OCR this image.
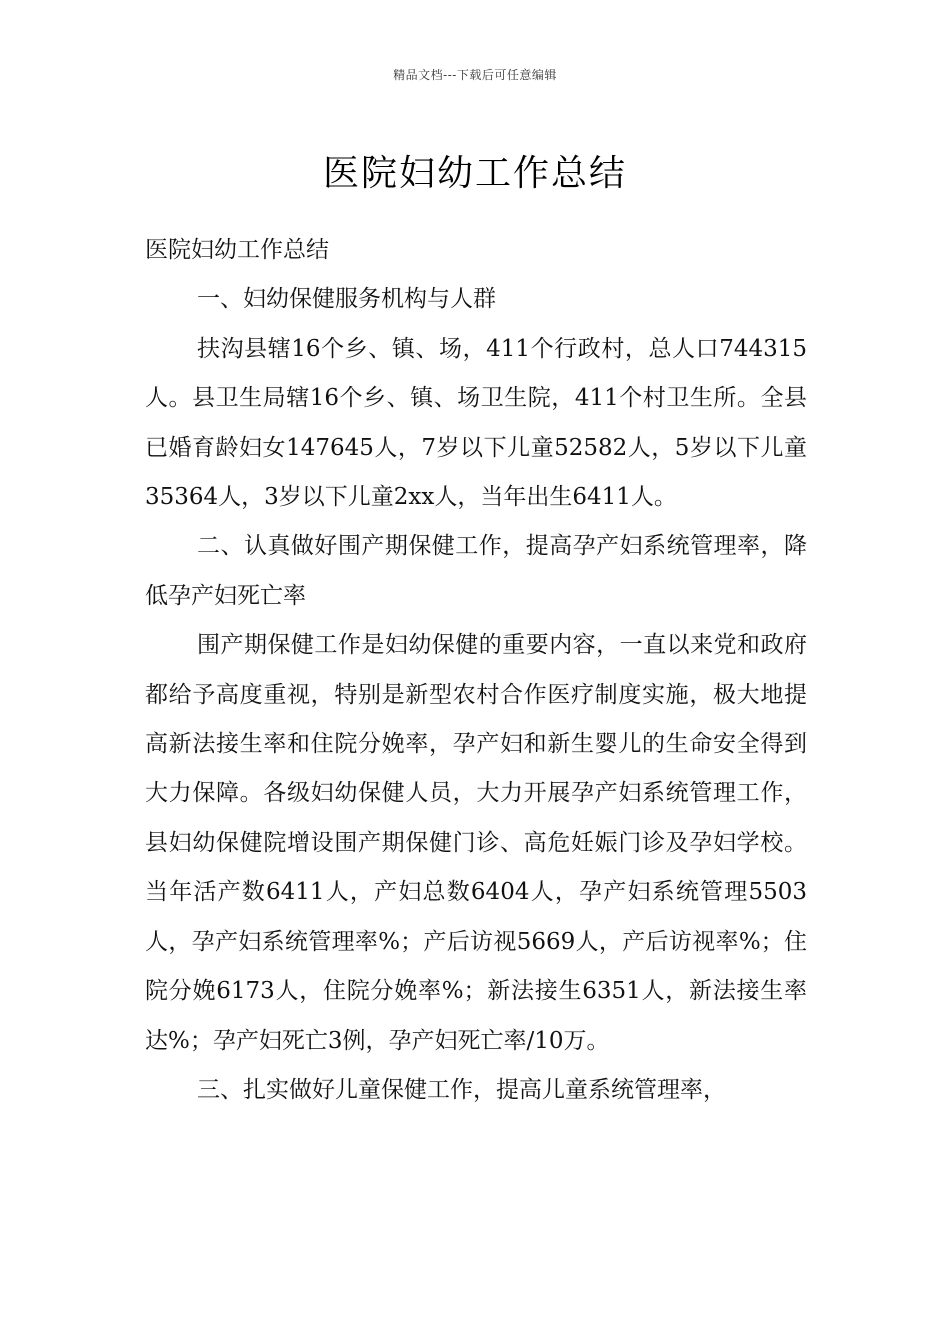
精品文档---下载后可任意编辑
医院妇幼工作总结

医院妇幼工作总结

一、妇幼保健服务机构与人群

扶沟县辖16个乡、镇、场，411个行政村，总人口744315人。县卫生局辖16个乡、镇、场卫生院，411个村卫生所。全县已婚育龄妇女147645人，7岁以下儿童52582人，5岁以下儿童35364人，3岁以下儿童2xx人，当年出生6411人。

二、认真做好围产期保健工作，提高孕产妇系统管理率，降低孕产妇死亡率

围产期保健工作是妇幼保健的重要内容，一直以来党和政府都给予高度重视，特别是新型农村合作医疗制度实施，极大地提高新法接生率和住院分娩率，孕产妇和新生婴儿的生命安全得到大力保障。各级妇幼保健人员，大力开展孕产妇系统管理工作，县妇幼保健院增设围产期保健门诊、高危妊娠门诊及孕妇学校。当年活产数6411人，产妇总数6404人，孕产妇系统管理5503人，孕产妇系统管理率%；产后访视5669人，产后访视率%；住院分娩6173人，住院分娩率%；新法接生6351人，新法接生率达%；孕产妇死亡3例，孕产妇死亡率/10万。

三、扎实做好儿童保健工作，提高儿童系统管理率，
